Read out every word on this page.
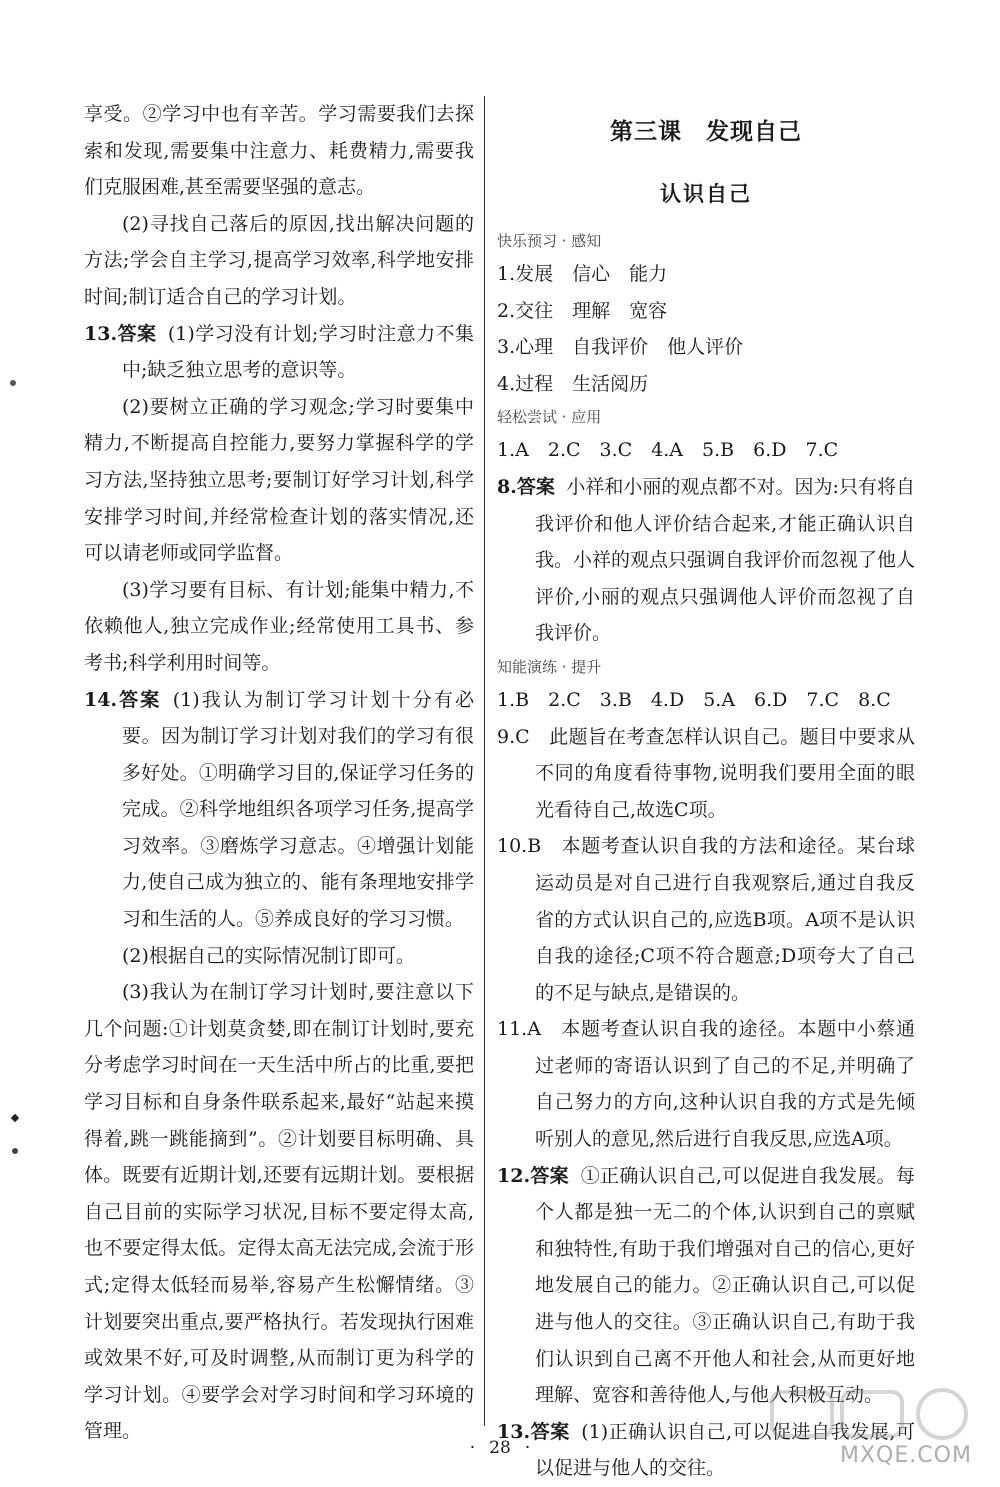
享受。②学习中也有辛苦。学习需要我们去探索和发现,需要集中注意力、耗费精力,需要我们克服困难,甚至需要坚强的意志。

(2)寻找自己落后的原因,找出解决问题的方法;学会自主学习,提高学习效率,科学地安排时间;制订适合自己的学习计划。

13.答案 (1)学习没有计划;学习时注意力不集中;缺乏独立思考的意识等。

(2)要树立正确的学习观念;学习时要集中精力,不断提高自控能力,要努力掌握科学的学习方法,坚持独立思考;要制订好学习计划,科学安排学习时间,并经常检查计划的落实情况,还可以请老师或同学监督。

(3)学习要有目标、有计划;能集中精力,不依赖他人,独立完成作业;经常使用工具书、参考书;科学利用时间等。

14.答案 (1)我认为制订学习计划十分有必要。因为制订学习计划对我们的学习有很多好处。①明确学习目的,保证学习任务的完成。②科学地组织各项学习任务,提高学习效率。③磨炼学习意志。④增强计划能力,使自己成为独立的、能有条理地安排学习和生活的人。⑤养成良好的学习习惯。

(2)根据自己的实际情况制订即可。

(3)我认为在制订学习计划时,要注意以下几个问题:①计划莫贪婪,即在制订计划时,要充分考虑学习时间在一天生活中所占的比重,要把学习目标和自身条件联系起来,最好“站起来摸得着,跳一跳能摘到”。②计划要目标明确、具体。既要有近期计划,还要有远期计划。要根据自己目前的实际学习状况,目标不要定得太高,也不要定得太低。定得太高无法完成,会流于形式;定得太低轻而易举,容易产生松懈情绪。③计划要突出重点,要严格执行。若发现执行困难或效果不好,可及时调整,从而制订更为科学的学习计划。④要学会对学习时间和学习环境的管理。

第三课　发现自己
认识自己
快乐预习 · 感知

1.发展　信心　能力

2.交往　理解　宽容

3.心理　自我评价　他人评价

4.过程　生活阅历

轻松尝试 · 应用

1.A　2.C　3.C　4.A　5.B　6.D　7.C

8.答案 小祥和小丽的观点都不对。因为:只有将自我评价和他人评价结合起来,才能正确认识自我。小祥的观点只强调自我评价而忽视了他人评价,小丽的观点只强调他人评价而忽视了自我评价。

知能演练 · 提升

1.B　2.C　3.B　4.D　5.A　6.D　7.C　8.C

9.C　此题旨在考查怎样认识自己。题目中要求从不同的角度看待事物,说明我们要用全面的眼光看待自己,故选C项。

10.B　本题考查认识自我的方法和途径。某台球运动员是对自己进行自我观察后,通过自我反省的方式认识自己的,应选B项。A项不是认识自我的途径;C项不符合题意;D项夸大了自己的不足与缺点,是错误的。

11.A　本题考查认识自我的途径。本题中小蔡通过老师的寄语认识到了自己的不足,并明确了自己努力的方向,这种认识自我的方式是先倾听别人的意见,然后进行自我反思,应选A项。

12.答案 ①正确认识自己,可以促进自我发展。每个人都是独一无二的个体,认识到自己的禀赋和独特性,有助于我们增强对自己的信心,更好地发展自己的能力。②正确认识自己,可以促进与他人的交往。③正确认识自己,有助于我们认识到自己离不开他人和社会,从而更好地理解、宽容和善待他人,与他人积极互动。

13.答案 (1)正确认识自己,可以促进自我发展,可以促进与他人的交往。

· 28 ·	MXQE.COM
